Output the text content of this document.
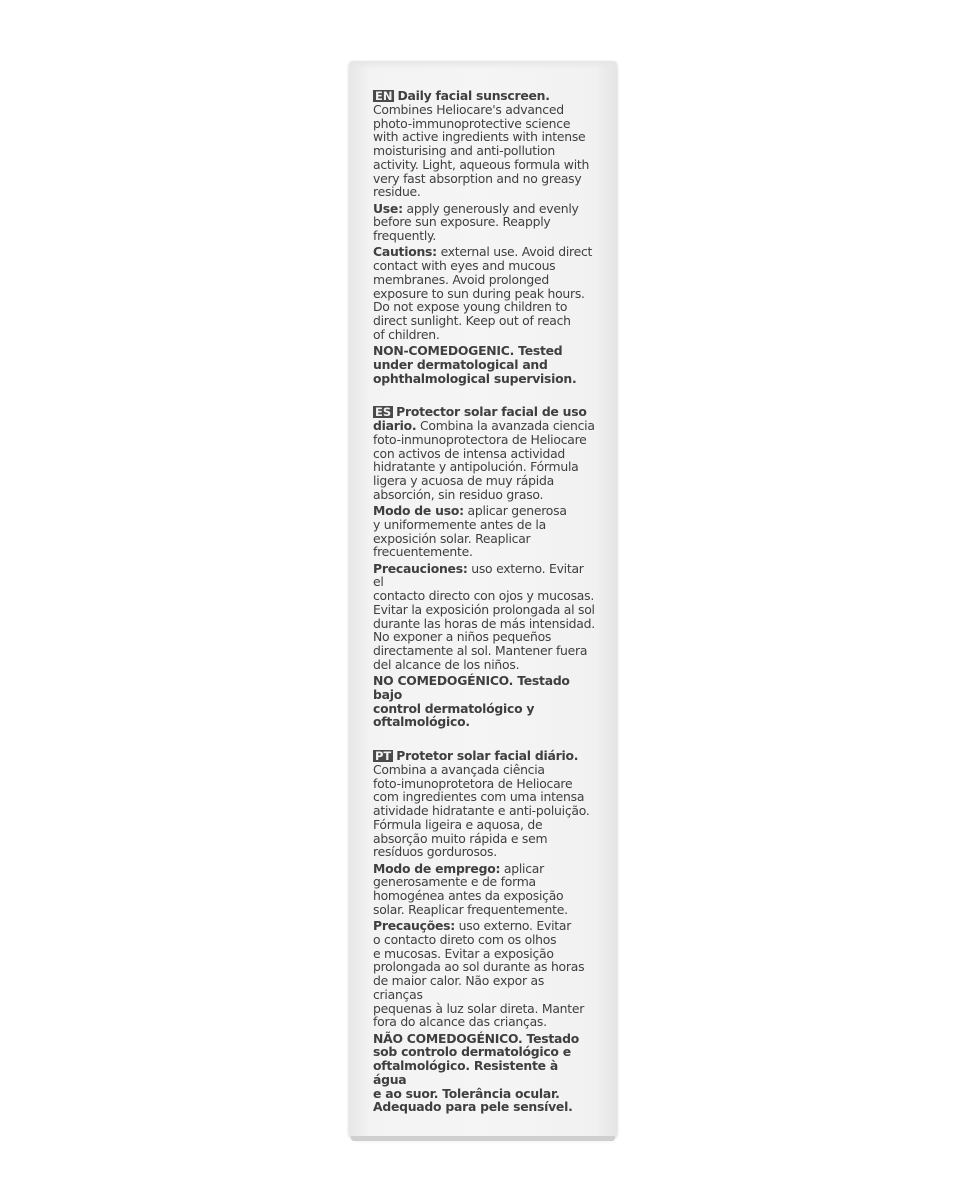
EN Daily facial sunscreen.
Combines Heliocare's advanced
photo-immunoprotective science
with active ingredients with intense
moisturising and anti-pollution
activity. Light, aqueous formula with
very fast absorption and no greasy
residue.
Use: apply generously and evenly
before sun exposure. Reapply
frequently.
Cautions: external use. Avoid direct
contact with eyes and mucous
membranes. Avoid prolonged
exposure to sun during peak hours.
Do not expose young children to
direct sunlight. Keep out of reach
of children.
NON-COMEDOGENIC. Tested
under dermatological and
ophthalmological supervision.
ES Protector solar facial de uso
diario. Combina la avanzada ciencia
foto-inmunoprotectora de Heliocare
con activos de intensa actividad
hidratante y antipolución. Fórmula
ligera y acuosa de muy rápida
absorción, sin residuo graso.
Modo de uso: aplicar generosa
y uniformemente antes de la
exposición solar. Reaplicar
frecuentemente.
Precauciones: uso externo. Evitar el
contacto directo con ojos y mucosas.
Evitar la exposición prolongada al sol
durante las horas de más intensidad.
No exponer a niños pequeños
directamente al sol. Mantener fuera
del alcance de los niños.
NO COMEDOGÉNICO. Testado bajo
control dermatológico y
oftalmológico.
PT Protetor solar facial diário.
Combina a avançada ciência
foto-imunoprotetora de Heliocare
com ingredientes com uma intensa
atividade hidratante e anti-poluição.
Fórmula ligeira e aquosa, de
absorção muito rápida e sem
resíduos gordurosos.
Modo de emprego: aplicar
generosamente e de forma
homogénea antes da exposição
solar. Reaplicar frequentemente.
Precauções: uso externo. Evitar
o contacto direto com os olhos
e mucosas. Evitar a exposição
prolongada ao sol durante as horas
de maior calor. Não expor as crianças
pequenas à luz solar direta. Manter
fora do alcance das crianças.
NÃO COMEDOGÉNICO. Testado
sob controlo dermatológico e
oftalmológico. Resistente à água
e ao suor. Tolerância ocular.
Adequado para pele sensível.
